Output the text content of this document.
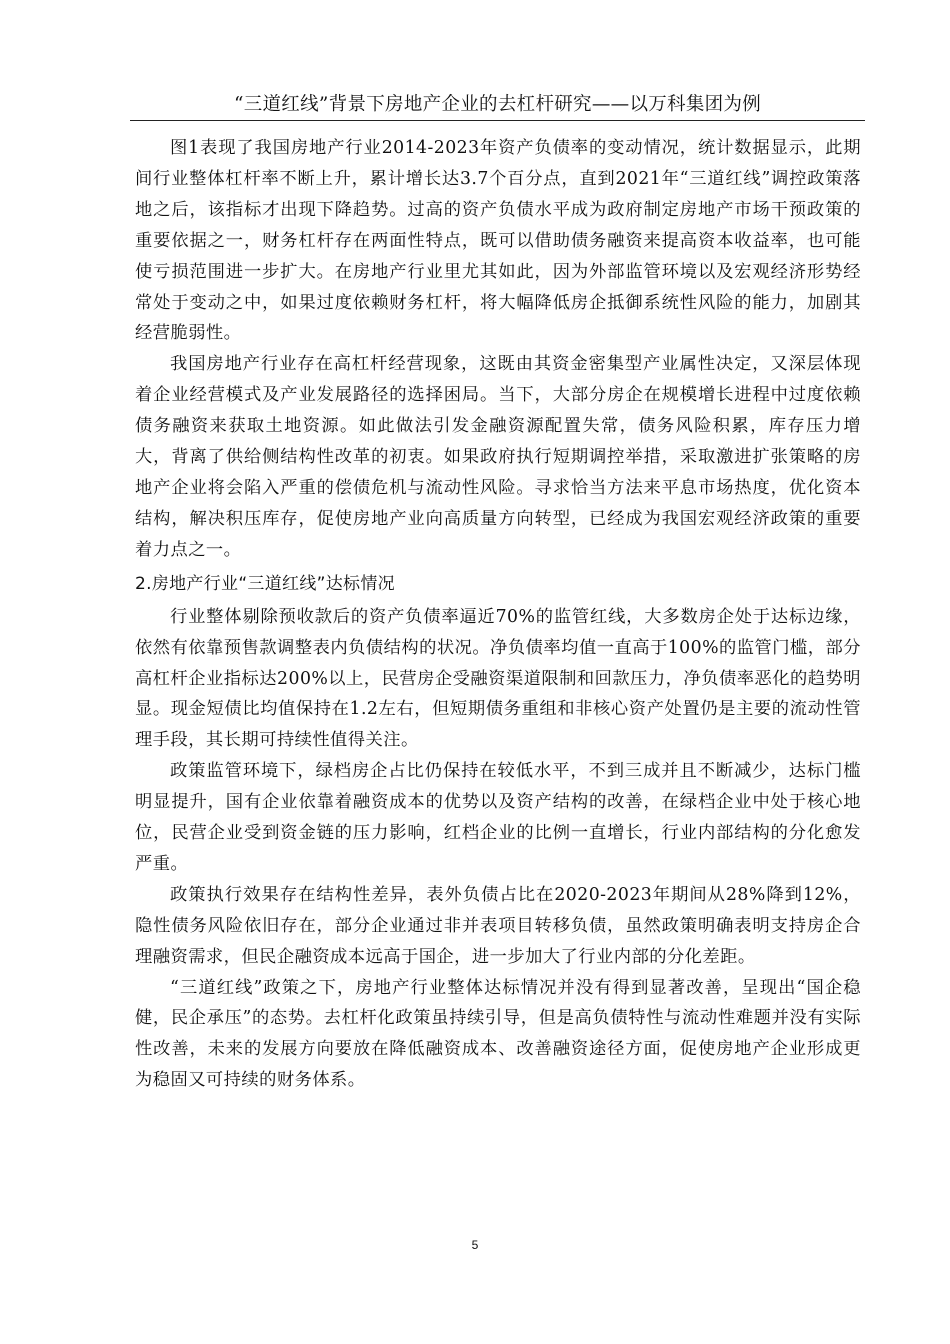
“三道红线”背景下房地产企业的去杠杆研究——以万科集团为例

图1表现了我国房地产行业2014-2023年资产负债率的变动情况，统计数据显示，此期间行业整体杠杆率不断上升，累计增长达3.7个百分点，直到2021年“三道红线”调控政策落地之后，该指标才出现下降趋势。过高的资产负债水平成为政府制定房地产市场干预政策的重要依据之一，财务杠杆存在两面性特点，既可以借助债务融资来提高资本收益率，也可能使亏损范围进一步扩大。在房地产行业里尤其如此，因为外部监管环境以及宏观经济形势经常处于变动之中，如果过度依赖财务杠杆，将大幅降低房企抵御系统性风险的能力，加剧其经营脆弱性。

我国房地产行业存在高杠杆经营现象，这既由其资金密集型产业属性决定，又深层体现着企业经营模式及产业发展路径的选择困局。当下，大部分房企在规模增长进程中过度依赖债务融资来获取土地资源。如此做法引发金融资源配置失常，债务风险积累，库存压力增大，背离了供给侧结构性改革的初衷。如果政府执行短期调控举措，采取激进扩张策略的房地产企业将会陷入严重的偿债危机与流动性风险。寻求恰当方法来平息市场热度，优化资本结构，解决积压库存，促使房地产业向高质量方向转型，已经成为我国宏观经济政策的重要着力点之一。

2.房地产行业“三道红线”达标情况

行业整体剔除预收款后的资产负债率逼近70%的监管红线，大多数房企处于达标边缘，依然有依靠预售款调整表内负债结构的状况。净负债率均值一直高于100%的监管门槛，部分高杠杆企业指标达200%以上，民营房企受融资渠道限制和回款压力，净负债率恶化的趋势明显。现金短债比均值保持在1.2左右，但短期债务重组和非核心资产处置仍是主要的流动性管理手段，其长期可持续性值得关注。

政策监管环境下，绿档房企占比仍保持在较低水平，不到三成并且不断减少，达标门槛明显提升，国有企业依靠着融资成本的优势以及资产结构的改善，在绿档企业中处于核心地位，民营企业受到资金链的压力影响，红档企业的比例一直增长，行业内部结构的分化愈发严重。

政策执行效果存在结构性差异，表外负债占比在2020-2023年期间从28%降到12%，隐性债务风险依旧存在，部分企业通过非并表项目转移负债，虽然政策明确表明支持房企合理融资需求，但民企融资成本远高于国企，进一步加大了行业内部的分化差距。

“三道红线”政策之下，房地产行业整体达标情况并没有得到显著改善，呈现出“国企稳健，民企承压”的态势。去杠杆化政策虽持续引导，但是高负债特性与流动性难题并没有实际性改善，未来的发展方向要放在降低融资成本、改善融资途径方面，促使房地产企业形成更为稳固又可持续的财务体系。

5
